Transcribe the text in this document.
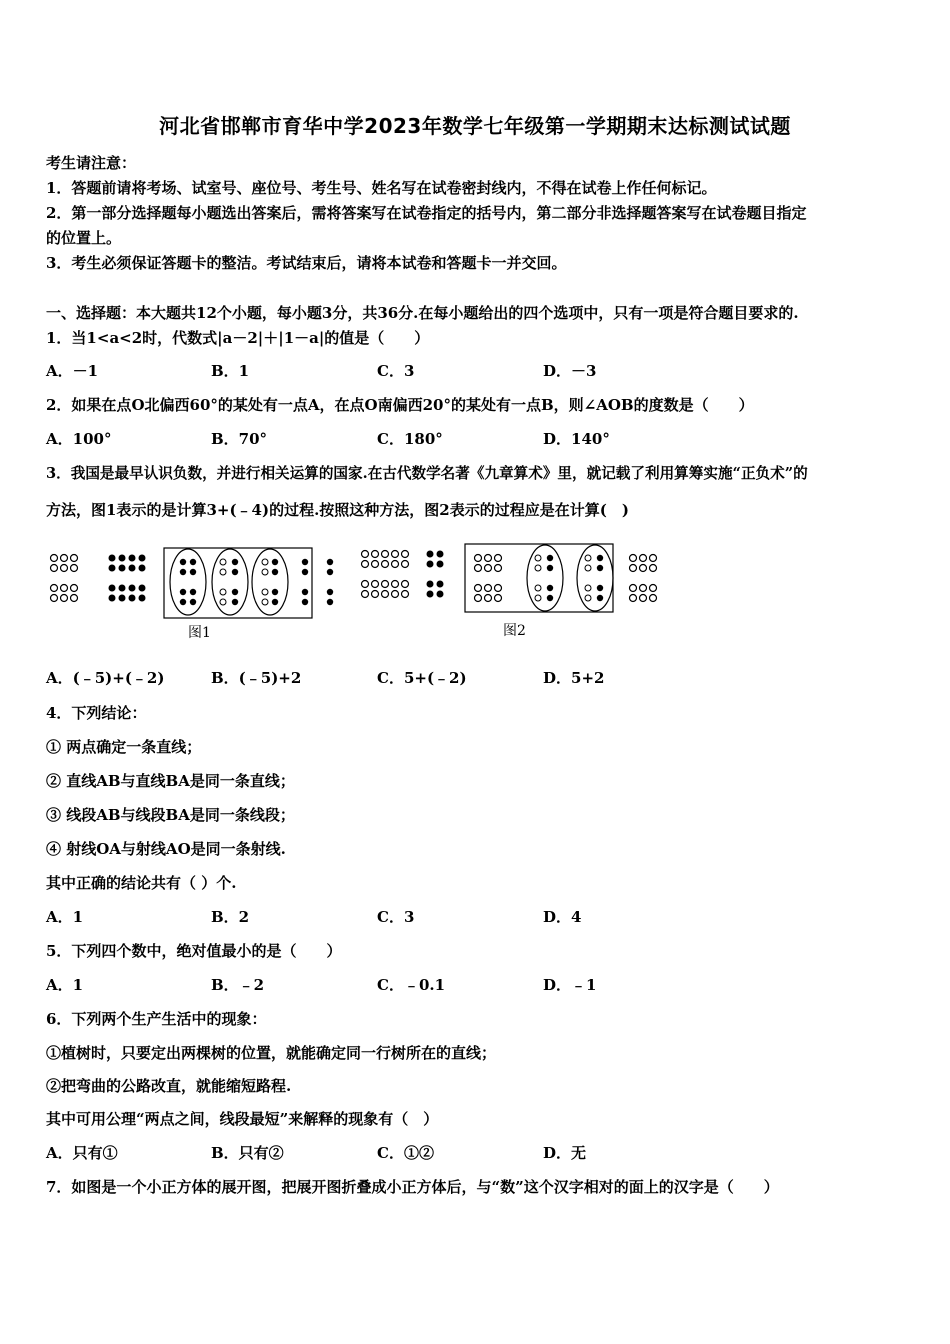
河北省邯郸市育华中学2023年数学七年级第一学期期末达标测试试题
考生请注意：
1．答题前请将考场、试室号、座位号、考生号、姓名写在试卷密封线内，不得在试卷上作任何标记。
2．第一部分选择题每小题选出答案后，需将答案写在试卷指定的括号内，第二部分非选择题答案写在试卷题目指定
的位置上。
3．考生必须保证答题卡的整洁。考试结束后，请将本试卷和答题卡一并交回。
一、选择题：本大题共12个小题，每小题3分，共36分.在每小题给出的四个选项中，只有一项是符合题目要求的.
1．当1<a<2时，代数式|a－2|＋|1－a|的值是（　　）
A．－1	B．1	C．3	D．－3
2．如果在点O北偏西60°的某处有一点A，在点O南偏西20°的某处有一点B，则∠AOB的度数是（　　）
A．100°	B．70°	C．180°	D．140°
3．我国是最早认识负数，并进行相关运算的国家.在古代数学名著《九章算术》里，就记载了利用算筹实施“正负术”的
方法，图1表示的是计算3+(﹣4)的过程.按照这种方法，图2表示的过程应是在计算(　)
图1	图2
A．(﹣5)+(﹣2)	B．(﹣5)+2	C．5+(﹣2)	D．5+2
4．下列结论：
① 两点确定一条直线；
② 直线AB与直线BA是同一条直线；
③ 线段AB与线段BA是同一条线段；
④ 射线OA与射线AO是同一条射线.
其中正确的结论共有（ ）个.
A．1	B．2	C．3	D．4
5．下列四个数中，绝对值最小的是（　　）
A．1	B．﹣2	C．﹣0.1	D．﹣1
6．下列两个生产生活中的现象：
①植树时，只要定出两棵树的位置，就能确定同一行树所在的直线；
②把弯曲的公路改直，就能缩短路程.
其中可用公理“两点之间，线段最短”来解释的现象有（　）
A．只有①	B．只有②	C．①②	D．无
7．如图是一个小正方体的展开图，把展开图折叠成小正方体后，与“数”这个汉字相对的面上的汉字是（　　）
